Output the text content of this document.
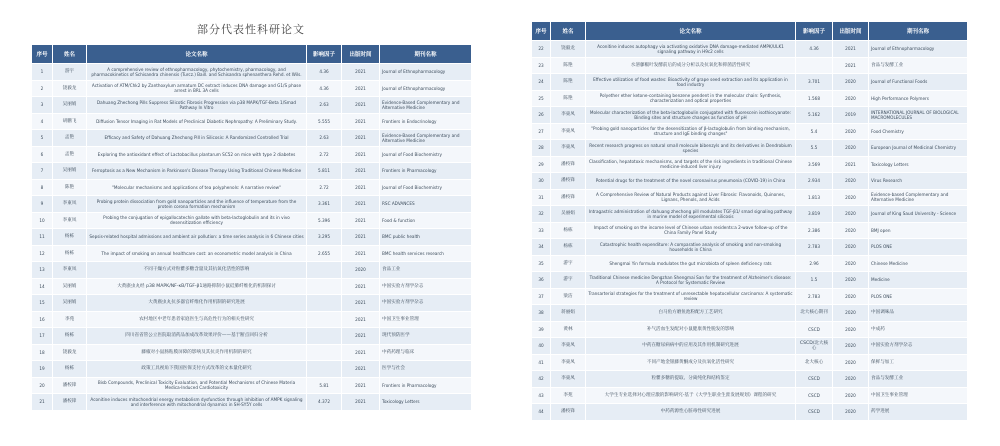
部分代表性科研论文
序号	姓名	论文名称	影响因子	出版时间	期刊名称
1	游宇	A comprehensive review of ethnopharmacology, phytochemistry, pharmacology, and pharmacokinetics of Schisandra chinensis (Turcz.) Baill. and Schisandra sphenanthera Rehd. et Wils.	4.36	2021	Journal of Ethnopharmacology
2	饶毅龙	Activation of ATM/Chk2 by Zanthoxylum armatum DC extract induces DNA damage and G1/S phase arrest in BRL 3A cells	4.36	2021	Journal of Ethnopharmacology
3	吴丽娟	Dahuang Zhechong Pills Suppress Silicotic Fibrosis Progression via p38 MAPK/TGF-Beta 1/Smad Pathway In Vitro	2.63	2021	Evidence-Based Complementary and Alternative Medicine
4	胡鹏飞	Diffusion Tensor Imaging in Rat Models of Preclinical Diabetic Nephropathy: A Preliminary Study.	5.555	2021	Frontiers in Endocrinology
5	孟艳	Efficacy and Safety of Dahuang Zhechong Pill in Silicosis: A Randomized Controlled Trial	2.63	2021	Evidence-Based Complementary and Alternative Medicine
6	孟艳	Exploring the antioxidant effect of Lactobacillus plantarum SC52 on mice with type 2 diabetes	2.72	2021	Journal of Food Biochemistry
7	吴丽娟	Ferroptosis as a New Mechanism in Parkinson's Disease Therapy Using Traditional Chinese Medicine	5.811	2021	Frontiers in Pharmacology
8	陈艳	"Molecular mechanisms and applications of tea polyphenols: A narrative review"	2.72	2021	Journal of Food Biochemistry
9	李東凤	Probing protein dissociation from gold nanoparticles and the influence of temperature from the protein corona formation mechanism	3.361	2021	RSC ADVANCES
10	李東凤	Probing the conjugation of epigallocatechin gallate with beta-lactoglobulin and its in vivo desensitization efficiency	5.396	2021	Food & function
11	杨栋	Sepsis-related hospital admissions and ambient air pollution: a time series analysis in 6 Chinese cities	3.295	2021	BMC public health
12	杨栋	The impact of smoking on annual healthcare cost: an econometric model analysis in China	2.655	2021	BMC health services research
13	李東凤	不同干燥方式对粒藿多糖含量及其抗氧化活性的影响		2020	食品工业
14	吴丽娟	大黄䗪虫丸经 p38 MAPK/NF-κB/TGF-β1通路抑制小鼠硅肺纤维化的机制探讨		2021	中国实验方剂学杂志
15	吴丽娟	大黄䗪虫丸抗多器官纤维化作用机制的研究进展		2021	中国实验方剂学杂志
16	李苑	农村地区中老年患者家庭医生与高危性行为的相关性研究		2021	中国卫生事业管理
17	杨栋	四川省省管公立医院取消药品加成改革效果评价——基于断点回归分析		2021	现代预防医学
18	饶毅龙	藤椒对小鼠肠粘膜屏障的影响及其抗炎作用机制的研究		2021	中药药理与临床
19	杨栋	政策工具视角下我国医保支付方式改革的文本量化研究		2021	医学与社会
20	潘校锋	Bisb Compounds, Preclinical Toxicity Evaluation, and Potential Mechanisms of Chinese Materia Medica-Induced Cardiotoxicity	5.81	2021	Frontiers in Pharmacology
21	潘校锋	Aconitine induces mitochondrial energy metabolism dysfunction through inhibition of AMPK signaling and interference with mitochondrial dynamics in SH-SY5Y cells	4.372	2021	Toxicology Letters
序号	姓名	论文名称	影响因子	出版时间	期刊名称
22	饶毅龙	Aconitine induces autophagy via activating oxidative DNA damage-mediated AMPK/ULK1 signaling pathway in H9c2 cells	4.36	2021	Journal of Ethnopharmacology
23	陈艳	水溶藤椒叶发酵前后的成分分析以及抗氧化和抑菌活性研究		2021	食品与发酵工业
24	陈艳	Effective utilization of food wastes: Bioactivity of grape seed extraction and its application in food industry	3.701	2020	Journal of Functional Foods
25	陈艳	Polyether ether ketone-containing benzene pendent in the molecular chain: Synthesis, characterization and optical properties	1.568	2020	High Performance Polymers
26	李東凤	Molecular characterization of the beta-lactoglobulin conjugated with fluorescein isothiocyanate: Binding sites and structure changes as function of pH	5.162	2019	INTERNATIONAL JOURNAL OF BIOLOGICAL MACROMOLECULES
27	李東凤	"Probing gold nanoparticles for the desensitization of β-lactoglobulin from binding mechanism, structure and IgE binding changes"	5.4	2020	Food Chemistry
28	李東凤	Recent research progress on natural small molecule bibenzyls and its derivatives in Dendrobium species	5.5	2020	European Journal of Medicinal Chemistry
29	潘校锋	Classification, hepatotoxic mechanisms, and targets of the risk ingredients in traditional Chinese medicine-induced liver injury	3.569	2021	Toxicology Letters
30	潘校锋	Potential drugs for the treatment of the novel coronavirus pneumonia (COVID-19) in China	2.934	2020	Virus Research
31	潘校锋	A Comprehensive Review of Natural Products against Liver Fibrosis: Flavonoids, Quinones, Lignans, Phenols, and Acids	1.813	2020	Evidence-based Complementary and Alternative Medicine
32	吴丽娟	Intragastric administration of dahuang zhechong pill modulates TGF-β1/ smad signaling pathway in murine model of experimental silicosis	3.819	2020	Journal of King Saud University - Science
33	杨栋	Impact of smoking on the income level of Chinese urban residents:a 2-wave follow-up of the China Family Panel Study	2.386	2020	BMJ open
34	杨栋	Catastrophic health expenditure: A comparative analysis of smoking and non-smoking households in China	2.783	2020	PLOS ONE
35	游宇	Shengmai Yin formula modulates the gut microbiota of spleen deficiency rats	2.96	2020	Chinese Medicine
36	游宇	Traditional Chinese medicine Dengzhan Shengmai San for the treatment of Alzheimer's disease: A Protocol for Systematic Review	1.5	2020	Medicine
37	梁洁	Transarterial strategies for the treatment of unresectable hepatocellular carcinoma: A systematic review	2.783	2020	PLOS ONE
38	蒋丽娟	白马鱼方磨鱼池粉配方工艺研究	北大核心期刊	2020	中国调味品
39	黄林	补气活血生发配对小鼠健康黄性脱发的影响	CSCD	2020	中成药
40	李東凤	中药在糖尿病病中的应用及其作用机制研究进展	CSCD/北大核心	2020	中国实验方剂学杂志
41	李東凤	不同产地金银藤黄酮成分及抗氧化活性研究	北大核心	2020	保鲜与加工
42	李東凤	粒藿多糖的提取、分离纯化和结构鉴定	CSCD	2020	食品与发酵工业
43	李苑	大学生专业选择对心理应激的影响研究-基于《大学生职业生涯发展规划》课程的研究	CSCD	2020	中国卫生事业管理
44	潘校锋	中药药源性心脏毒性研究进展	CSCD	2020	药学进展
